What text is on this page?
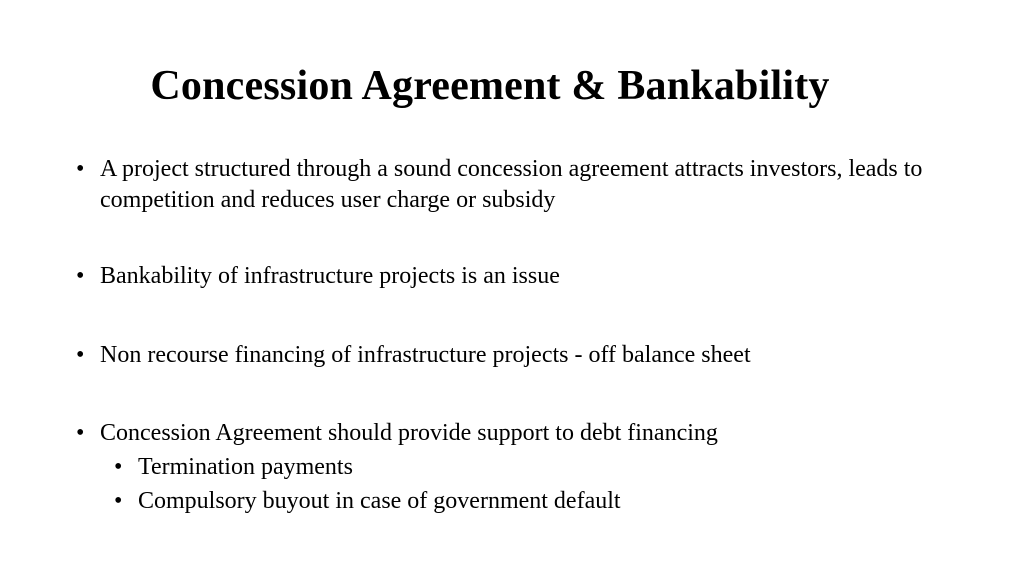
Concession Agreement & Bankability
• A project structured through a sound concession agreement attracts investors, leads to competition and reduces user charge or subsidy
• Bankability of infrastructure projects is an issue
• Non recourse financing of infrastructure projects - off balance sheet
• Concession Agreement should provide support to debt financing
• Termination payments
• Compulsory buyout in case of government default
